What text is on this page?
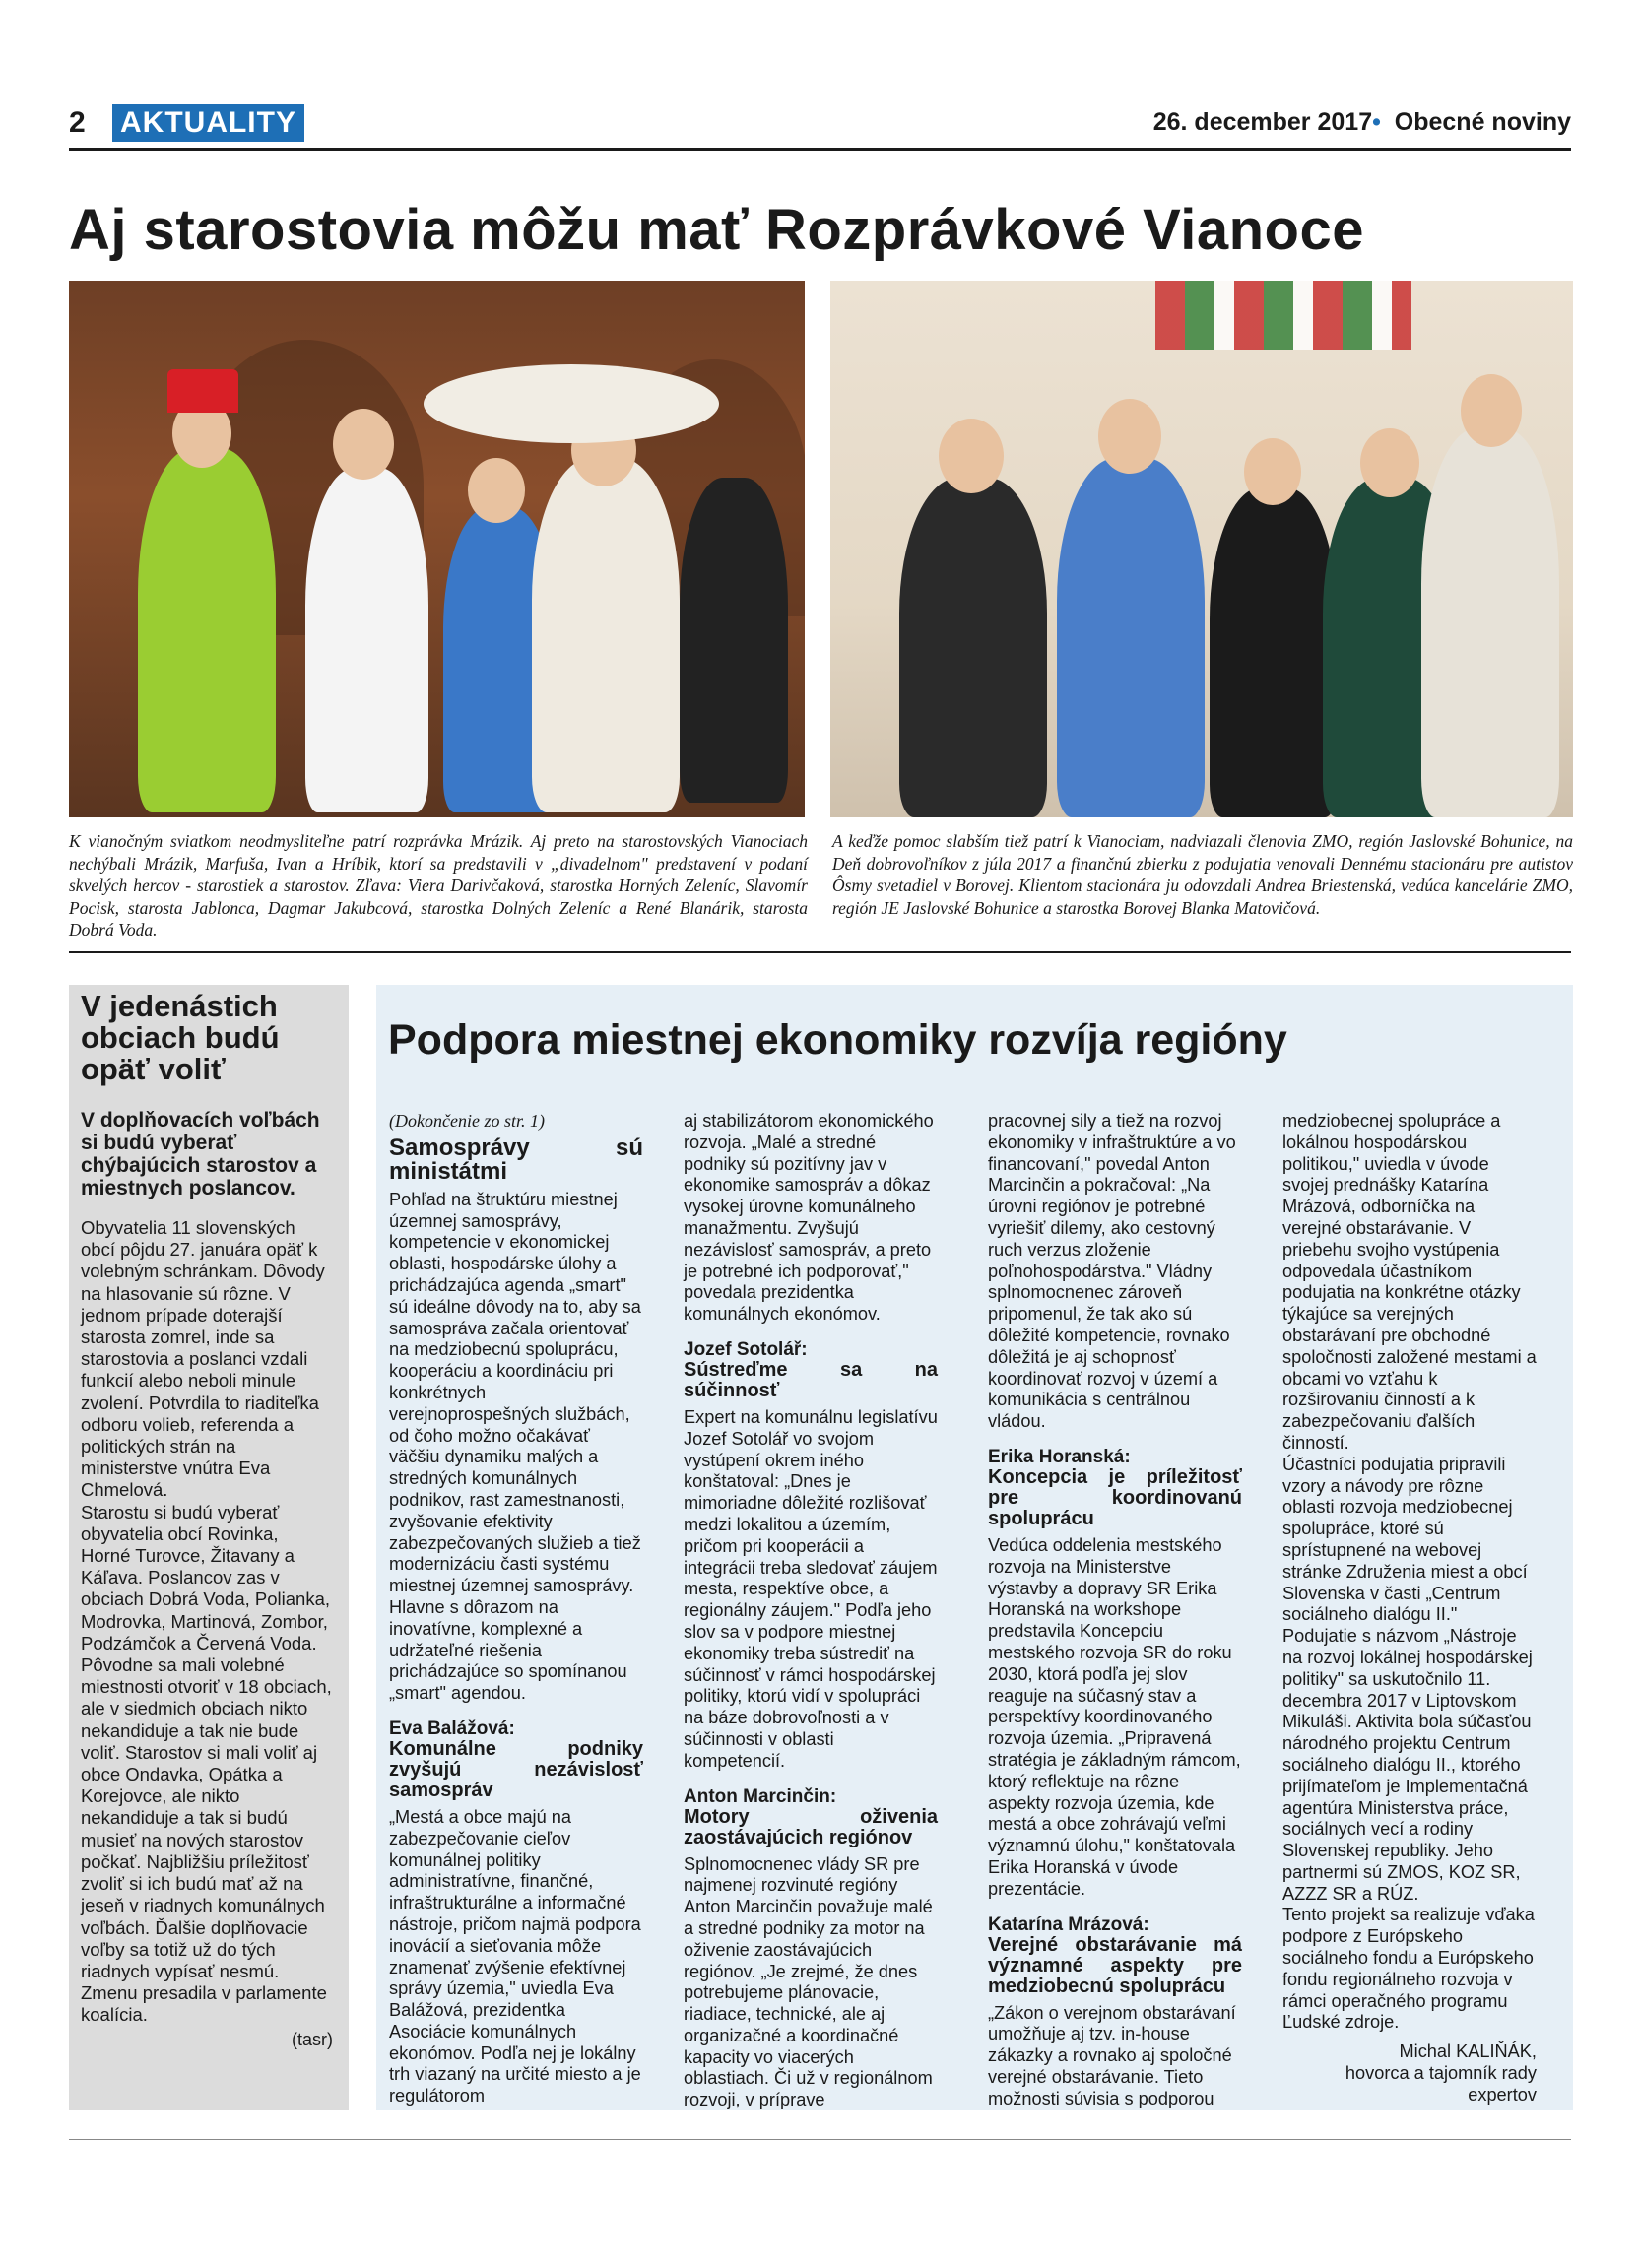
2 AKTUALITY	26. december 2017• Obecné noviny
Aj starostovia môžu mať Rozprávkové Vianoce
K vianočným sviatkom neodmysliteľne patrí rozprávka Mrázik. Aj preto na starostovských Vianociach nechýbali Mrázik, Marfuša, Ivan a Hríbik, ktorí sa predstavili v „divadelnom" predstavení v podaní skvelých hercov - starostiek a starostov. Zľava: Viera Darivčaková, starostka Horných Zeleníc, Slavomír Pocisk, starosta Jablonca, Dagmar Jakubcová, starostka Dolných Zeleníc a René Blanárik, starosta Dobrá Voda.
A keďže pomoc slabším tiež patrí k Vianociam, nadviazali členovia ZMO, región Jaslovské Bohunice, na Deň dobrovoľníkov z júla 2017 a finančnú zbierku z podujatia venovali Dennému stacionáru pre autistov Ôsmy svetadiel v Borovej. Klientom stacionára ju odovzdali Andrea Briestenská, vedúca kancelárie ZMO, región JE Jaslovské Bohunice a starostka Borovej Blanka Matovičová.
V jedenástich obciach budú opäť voliť
V doplňovacích voľbách si budú vyberať chýbajúcich starostov a miestnych poslancov.

Obyvatelia 11 slovenských obcí pôjdu 27. januára opäť k volebným schránkam. Dôvody na hlasovanie sú rôzne. V jednom prípade doterajší starosta zomrel, inde sa starostovia a poslanci vzdali funkcií alebo neboli minule zvolení. Potvrdila to riaditeľka odboru volieb, referenda a politických strán na ministerstve vnútra Eva Chmelová.

Starostu si budú vyberať obyvatelia obcí Rovinka, Horné Turovce, Žitavany a Káľava. Poslancov zas v obciach Dobrá Voda, Polianka, Modrovka, Martinová, Zombor, Podzámčok a Červená Voda. Pôvodne sa mali volebné miestnosti otvoriť v 18 obciach, ale v siedmich obciach nikto nekandiduje a tak nie bude voliť. Starostov si mali voliť aj obce Ondavka, Opátka a Korejovce, ale nikto nekandiduje a tak si budú musieť na nových starostov počkať. Najbližšiu príležitosť zvoliť si ich budú mať až na jeseň v riadnych komunálnych voľbách. Ďalšie doplňovacie voľby sa totiž už do tých riadnych vypísať nesmú. Zmenu presadila v parlamente koalícia.

(tasr)
Podpora miestnej ekonomiky rozvíja regióny
(Dokončenie zo str. 1)
Samosprávy sú ministátmi

Pohľad na štruktúru miestnej územnej samosprávy, kompetencie v ekonomickej oblasti, hospodárske úlohy a prichádzajúca agenda „smart" sú ideálne dôvody na to, aby sa samospráva začala orientovať na medziobecnú spoluprácu, kooperáciu a koordináciu pri konkrétnych verejnoprospešných službách, od čoho možno očakávať väčšiu dynamiku malých a stredných komunálnych podnikov, rast zamestnanosti, zvyšovanie efektivity zabezpečovaných služieb a tiež modernizáciu časti systému miestnej územnej samosprávy. Hlavne s dôrazom na inovatívne, komplexné a udržateľné riešenia prichádzajúce so spomínanou „smart" agendou.

Eva Balážová:
Komunálne podniky zvyšujú nezávislosť samospráv

„Mestá a obce majú na zabezpečovanie cieľov komunálnej politiky administratívne, finančné, infraštrukturálne a informačné nástroje, pričom najmä podpora inovácií a sieťovania môže znamenať zvýšenie efektívnej správy územia," uviedla Eva Balážová, prezidentka Asociácie komunálnych ekonómov. Podľa nej je lokálny trh viazaný na určité miesto a je regulátorom

aj stabilizátorom ekonomického rozvoja. „Malé a stredné podniky sú pozitívny jav v ekonomike samospráv a dôkaz vysokej úrovne komunálneho manažmentu. Zvyšujú nezávislosť samospráv, a preto je potrebné ich podporovať," povedala prezidentka komunálnych ekonómov.

Jozef Sotolář:
Sústreďme sa na súčinnosť

Expert na komunálnu legislatívu Jozef Sotolář vo svojom vystúpení okrem iného konštatoval: „Dnes je mimoriadne dôležité rozlišovať medzi lokalitou a územím, pričom pri kooperácii a integrácii treba sledovať záujem mesta, respektíve obce, a regionálny záujem." Podľa jeho slov sa v podpore miestnej ekonomiky treba sústrediť na súčinnosť v rámci hospodárskej politiky, ktorú vidí v spolupráci na báze dobrovoľnosti a v súčinnosti v oblasti kompetencií.

Anton Marcinčin:
Motory oživenia zaostávajúcich regiónov

Splnomocnenec vlády SR pre najmenej rozvinuté regióny Anton Marcinčin považuje malé a stredné podniky za motor na oživenie zaostávajúcich regiónov. „Je zrejmé, že dnes potrebujeme plánovacie, riadiace, technické, ale aj organizačné a koordinačné kapacity vo viacerých oblastiach. Či už v regionálnom rozvoji, v príprave

pracovnej sily a tiež na rozvoj ekonomiky v infraštruktúre a vo financovaní," povedal Anton Marcinčin a pokračoval: „Na úrovni regiónov je potrebné vyriešiť dilemy, ako cestovný ruch verzus zloženie poľnohospodárstva." Vládny splnomocnenec zároveň pripomenul, že tak ako sú dôležité kompetencie, rovnako dôležitá je aj schopnosť koordinovať rozvoj v území a komunikácia s centrálnou vládou.

Erika Horanská:
Koncepcia je príležitosť pre koordinovanú spoluprácu

Vedúca oddelenia mestského rozvoja na Ministerstve výstavby a dopravy SR Erika Horanská na workshope predstavila Koncepciu mestského rozvoja SR do roku 2030, ktorá podľa jej slov reaguje na súčasný stav a perspektívy koordinovaného rozvoja územia. „Pripravená stratégia je základným rámcom, ktorý reflektuje na rôzne aspekty rozvoja územia, kde mestá a obce zohrávajú veľmi významnú úlohu," konštatovala Erika Horanská v úvode prezentácie.

Katarína Mrázová:
Verejné obstarávanie má významné aspekty pre medziobecnú spoluprácu

„Zákon o verejnom obstarávaní umožňuje aj tzv. in-house zákazky a rovnako aj spoločné verejné obstarávanie. Tieto možnosti súvisia s podporou

medziobecnej spolupráce a lokálnou hospodárskou politikou," uviedla v úvode svojej prednášky Katarína Mrázová, odborníčka na verejné obstarávanie. V priebehu svojho vystúpenia odpovedala účastníkom podujatia na konkrétne otázky týkajúce sa verejných obstarávaní pre obchodné spoločnosti založené mestami a obcami vo vzťahu k rozširovaniu činností a k zabezpečovaniu ďalších činností.

Účastníci podujatia pripravili vzory a návody pre rôzne oblasti rozvoja medziobecnej spolupráce, ktoré sú sprístupnené na webovej stránke Združenia miest a obcí Slovenska v časti „Centrum sociálneho dialógu II."

Podujatie s názvom „Nástroje na rozvoj lokálnej hospodárskej politiky" sa uskutočnilo 11. decembra 2017 v Liptovskom Mikuláši. Aktivita bola súčasťou národného projektu Centrum sociálneho dialógu II., ktorého prijímateľom je Implementačná agentúra Ministerstva práce, sociálnych vecí a rodiny Slovenskej republiky. Jeho partnermi sú ZMOS, KOZ SR, AZZZ SR a RÚZ.

Tento projekt sa realizuje vďaka podpore z Európskeho sociálneho fondu a Európskeho fondu regionálneho rozvoja v rámci operačného programu Ľudské zdroje.

Michal KALIŇÁK,
hovorca a tajomník rady
expertov
